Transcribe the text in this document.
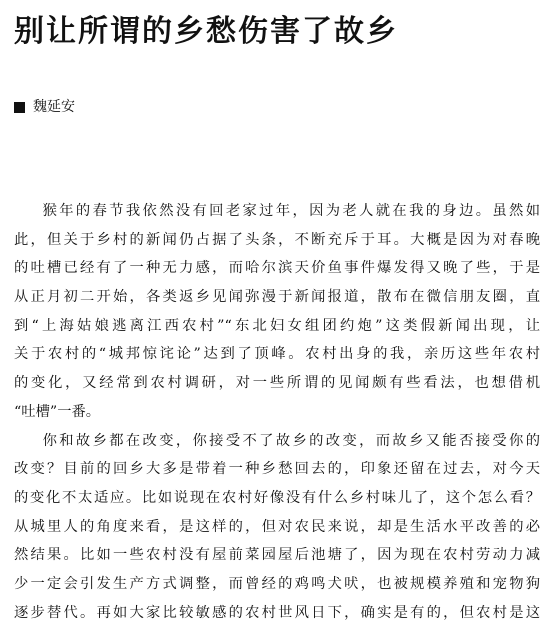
别让所谓的乡愁伤害了故乡
魏延安
猴年的春节我依然没有回老家过年，因为老人就在我的身边。虽然如
此，但关于乡村的新闻仍占据了头条，不断充斥于耳。大概是因为对春晚
的吐槽已经有了一种无力感，而哈尔滨天价鱼事件爆发得又晚了些，于是
从正月初二开始，各类返乡见闻弥漫于新闻报道，散布在微信朋友圈，直
到“上海姑娘逃离江西农村”“东北妇女组团约炮”这类假新闻出现，让
关于农村的“城邦惊诧论”达到了顶峰。农村出身的我，亲历这些年农村
的变化，又经常到农村调研，对一些所谓的见闻颇有些看法，也想借机
“吐槽”一番。
你和故乡都在改变，你接受不了故乡的改变，而故乡又能否接受你的
改变？目前的回乡大多是带着一种乡愁回去的，印象还留在过去，对今天
的变化不太适应。比如说现在农村好像没有什么乡村味儿了，这个怎么看？
从城里人的角度来看，是这样的，但对农民来说，却是生活水平改善的必
然结果。比如一些农村没有屋前菜园屋后池塘了，因为现在农村劳动力减
少一定会引发生产方式调整，而曾经的鸡鸣犬吠，也被规模养殖和宠物狗
逐步替代。再如大家比较敏感的农村世风日下，确实是有的，但农村是这
